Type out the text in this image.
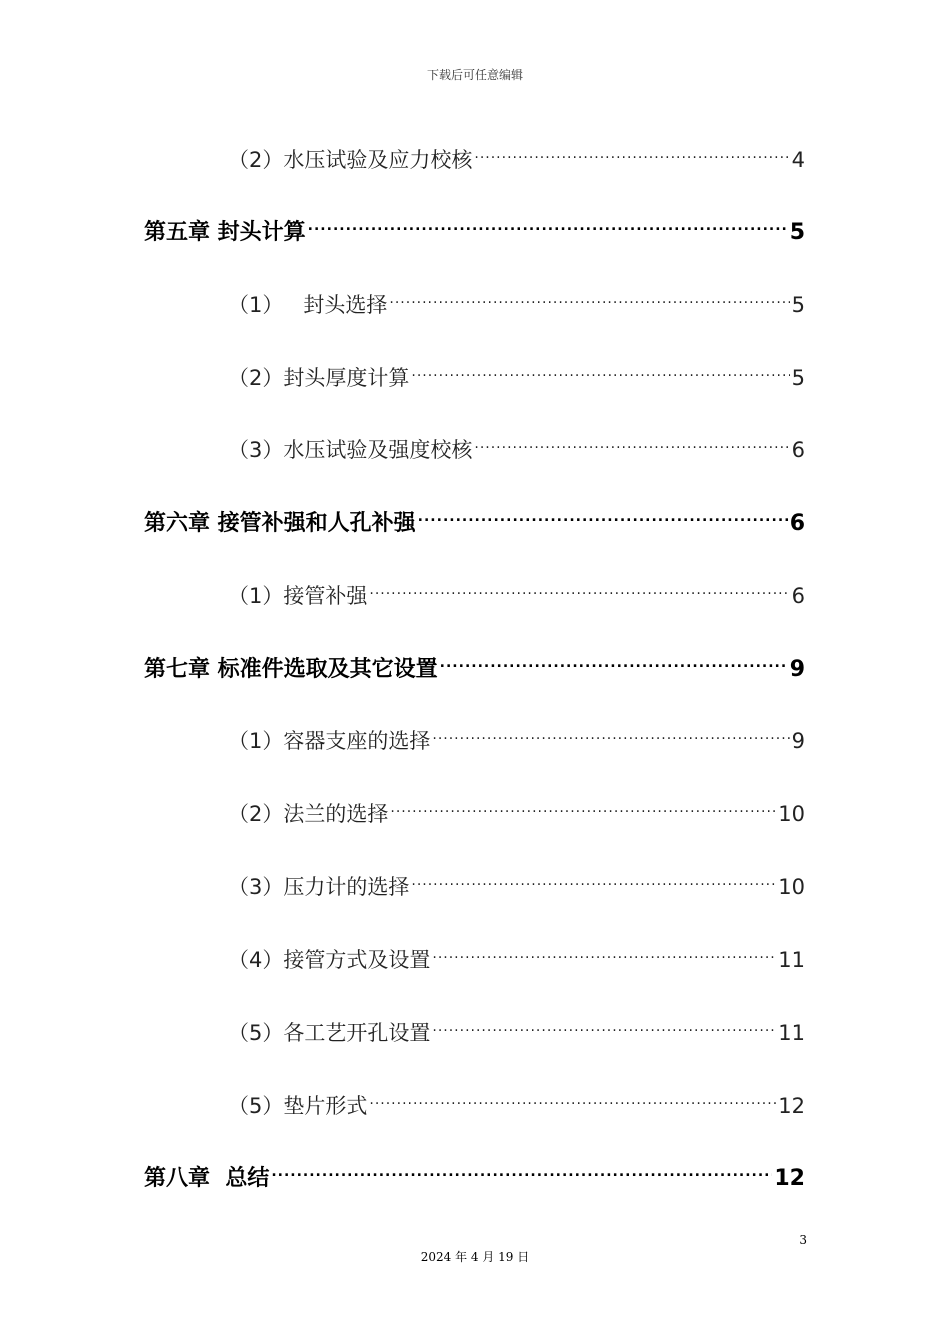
下载后可任意编辑
（2）水压试验及应力校核 .....	4
第五章 封头计算 .....	5
（1）   封头选择 .....	5
（2）封头厚度计算 .....	5
（3）水压试验及强度校核 .....	6
第六章 接管补强和人孔补强 .....	6
（1）接管补强 .....	6
第七章 标准件选取及其它设置 .....	9
（1）容器支座的选择 .....	9
（2）法兰的选择 .....	10
（3）压力计的选择 .....	10
（4）接管方式及设置 .....	11
（5）各工艺开孔设置 .....	11
（5）垫片形式 .....	12
第八章  总结 .....	12
3
2024 年 4 月 19 日
